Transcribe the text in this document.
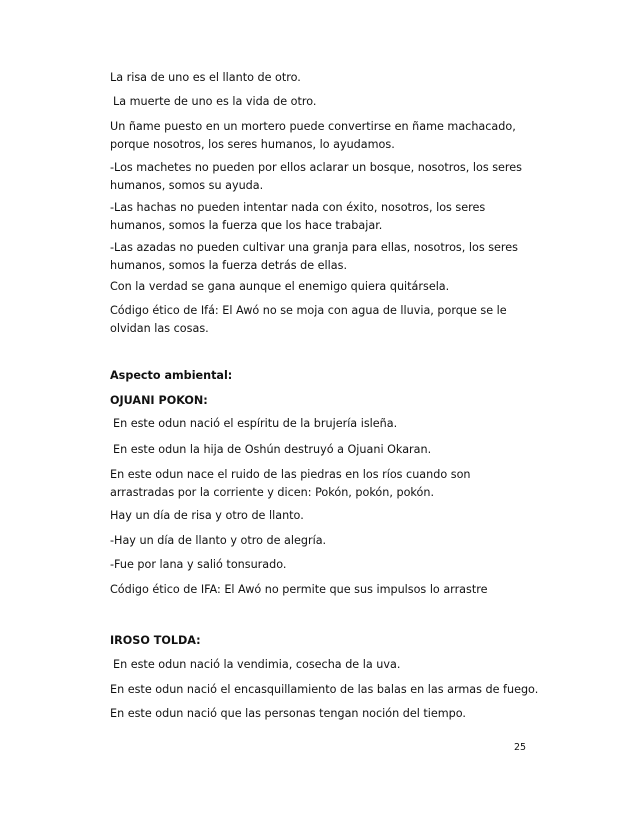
La risa de uno es el llanto de otro.

La muerte de uno es la vida de otro.

Un ñame puesto en un mortero puede convertirse en ñame machacado, porque nosotros, los seres humanos, lo ayudamos.

-Los machetes no pueden por ellos aclarar un bosque, nosotros, los seres humanos, somos su ayuda.

-Las hachas no pueden intentar nada con éxito, nosotros, los seres humanos, somos la fuerza que los hace trabajar.

-Las azadas no pueden cultivar una granja para ellas, nosotros, los seres humanos, somos la fuerza detrás de ellas.

Con la verdad se gana aunque el enemigo quiera quitársela.

Código ético de Ifá: El Awó no se moja con agua de lluvia, porque se le olvidan las cosas.

Aspecto ambiental:

OJUANI POKON:

En este odun nació el espíritu de la brujería isleña.

En este odun la hija de Oshún destruyó a Ojuani Okaran.

En este odun nace el ruido de las piedras en los ríos cuando son arrastradas por la corriente y dicen: Pokón, pokón, pokón.

Hay un día de risa y otro de llanto.

-Hay un día de llanto y otro de alegría.

-Fue por lana y salió tonsurado.

Código ético de IFA: El Awó no permite que sus impulsos lo arrastre

IROSO TOLDA:

En este odun nació la vendimia, cosecha de la uva.

En este odun nació el encasquillamiento de las balas en las armas de fuego.

En este odun nació que las personas tengan noción del tiempo.

25
